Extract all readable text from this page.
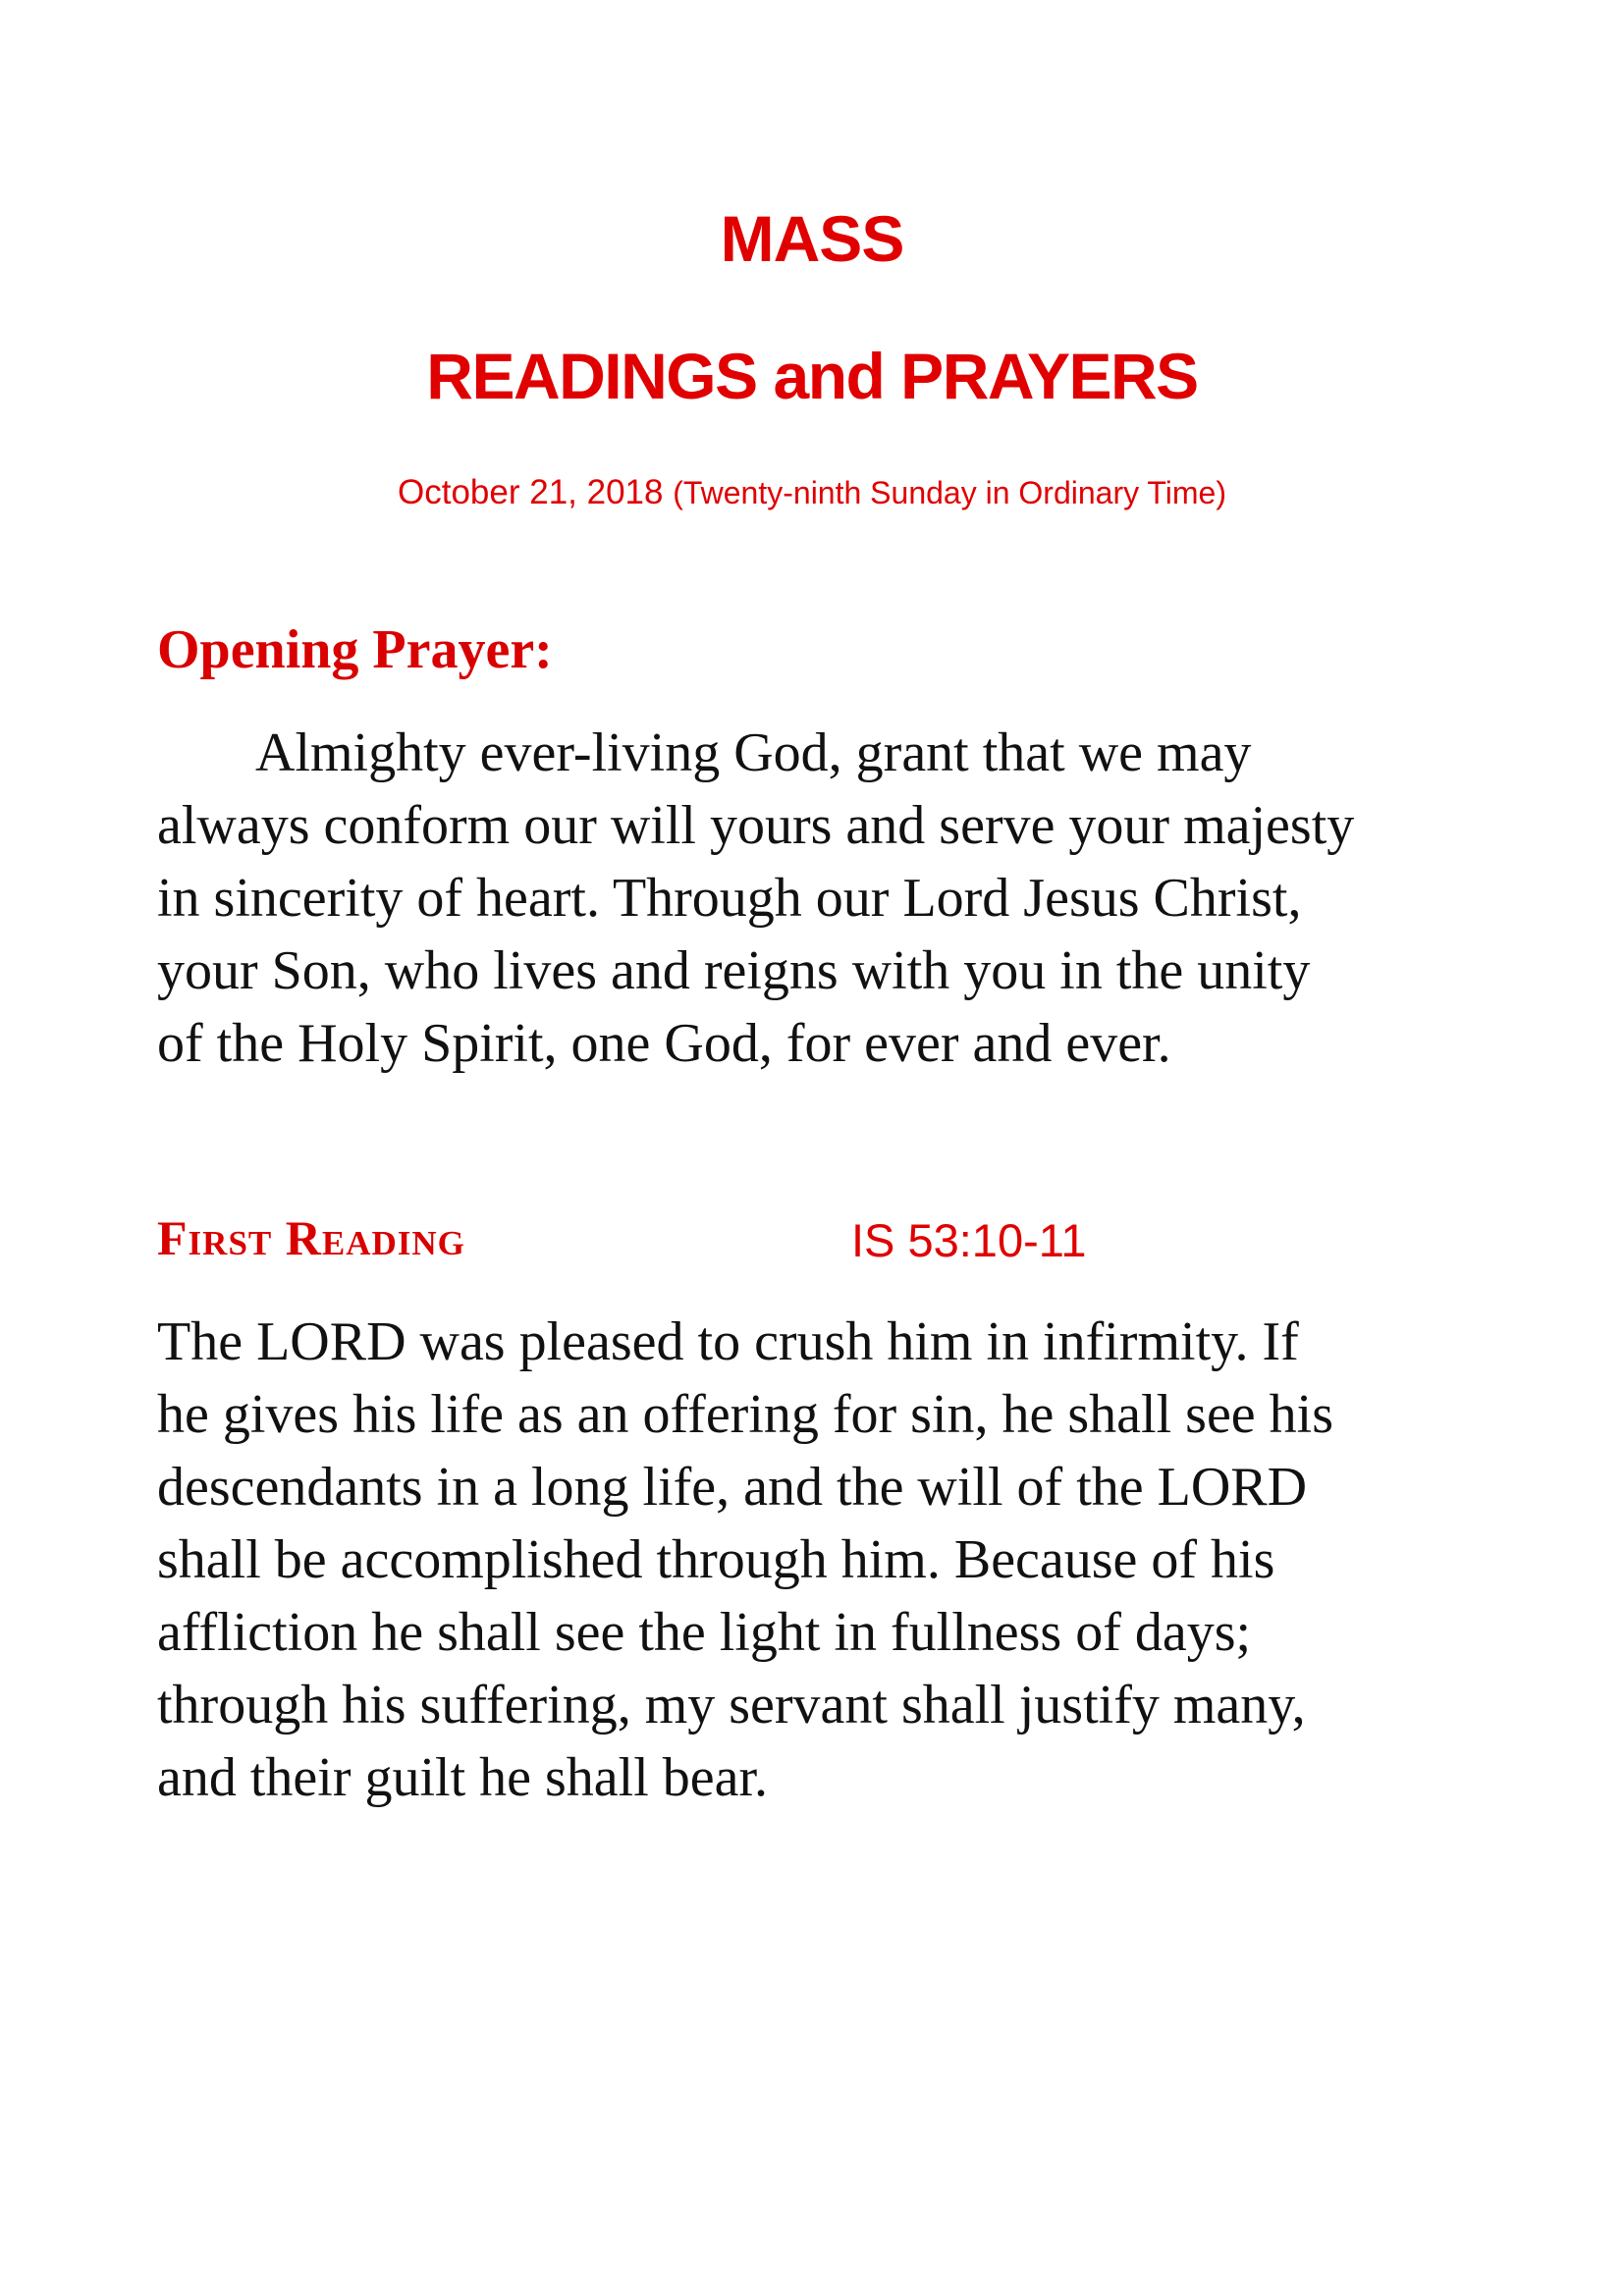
MASS
READINGS and PRAYERS
October 21, 2018 (Twenty-ninth Sunday in Ordinary Time)
Opening Prayer:

Almighty ever-living God, grant that we may
always conform our will yours and serve your majesty
in sincerity of heart. Through our Lord Jesus Christ,
your Son, who lives and reigns with you in the unity
of the Holy Spirit, one God, for ever and ever.

First Reading	IS 53:10-11

The LORD was pleased to crush him in infirmity. If
he gives his life as an offering for sin, he shall see his
descendants in a long life, and the will of the LORD
shall be accomplished through him. Because of his
affliction he shall see the light in fullness of days;
through his suffering, my servant shall justify many,
and their guilt he shall bear.
